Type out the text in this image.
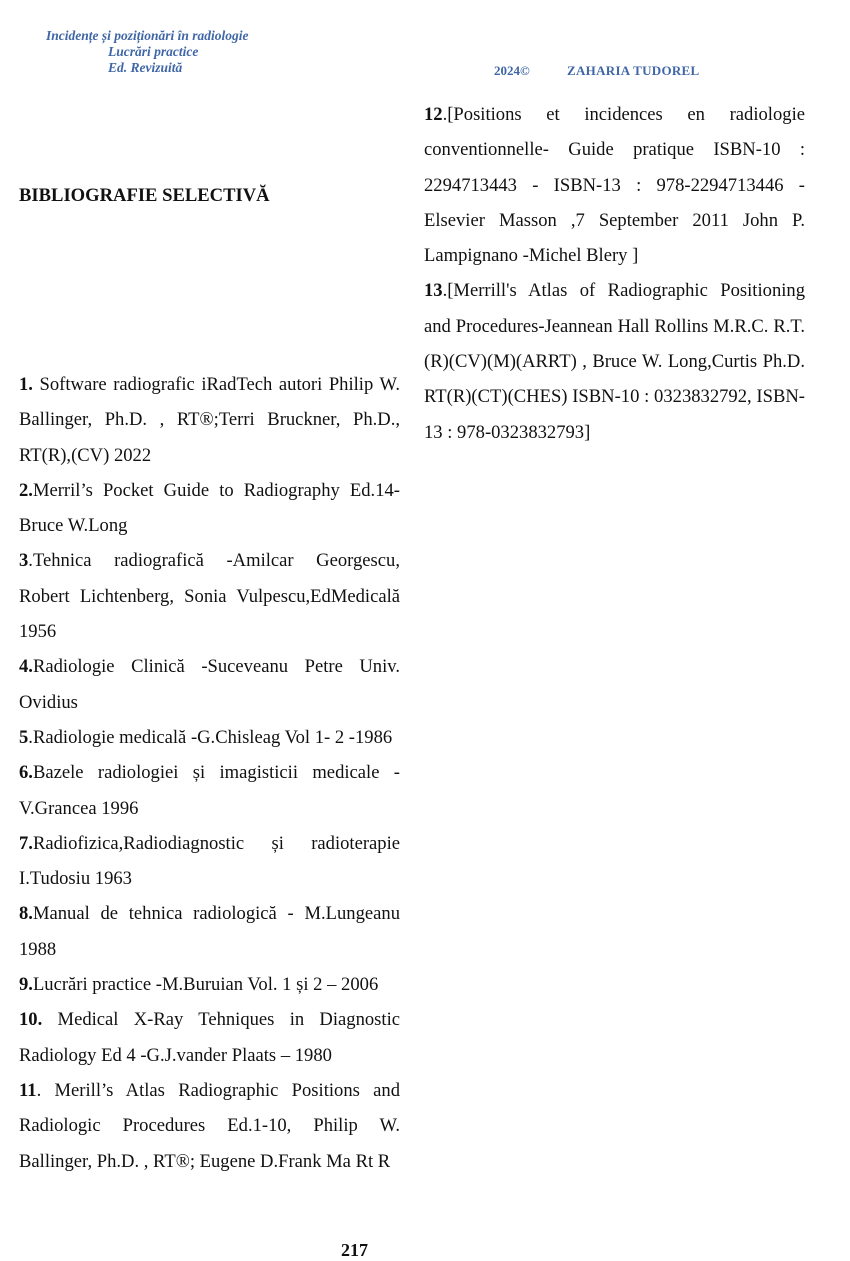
Incidențe și poziționări în radiologie
Lucrări practice
Ed. Revizuită	2024©	ZAHARIA TUDOREL
BIBLIOGRAFIE SELECTIVĂ

1. Software radiografic iRadTech autori Philip W. Ballinger, Ph.D. , RT®;Terri Bruckner, Ph.D., RT(R),(CV) 2022

2.Merril’s Pocket Guide to Radiography Ed.14-Bruce W.Long

3.Tehnica radiografică -Amilcar Georgescu, Robert Lichtenberg, Sonia Vulpescu,EdMedicală 1956

4.Radiologie Clinică -Suceveanu Petre Univ. Ovidius

5.Radiologie medicală -G.Chisleag Vol 1- 2 -1986

6.Bazele radiologiei și imagisticii medicale -V.Grancea 1996

7.Radiofizica,Radiodiagnostic și radioterapie I.Tudosiu 1963

8.Manual de tehnica radiologică - M.Lungeanu 1988

9.Lucrări practice -M.Buruian Vol. 1 și 2 – 2006

10. Medical X-Ray Tehniques in Diagnostic Radiology Ed 4 -G.J.vander Plaats – 1980

11. Merill’s Atlas Radiographic Positions and Radiologic Procedures Ed.1-10, Philip W. Ballinger, Ph.D. , RT®; Eugene D.Frank Ma Rt R

12.[Positions et incidences en radiologie conventionnelle- Guide pratique ISBN-10 : 2294713443 - ISBN-13 : 978-2294713446 - Elsevier Masson ,7 September 2011 John P. Lampignano -Michel Blery ]

13.[Merrill's Atlas of Radiographic Positioning and Procedures-Jeannean Hall Rollins M.R.C. R.T. (R)(CV)(M)(ARRT) , Bruce W. Long,Curtis Ph.D. RT(R)(CT)(CHES) ISBN-10 : 0323832792, ISBN-13 : 978-0323832793]

217
